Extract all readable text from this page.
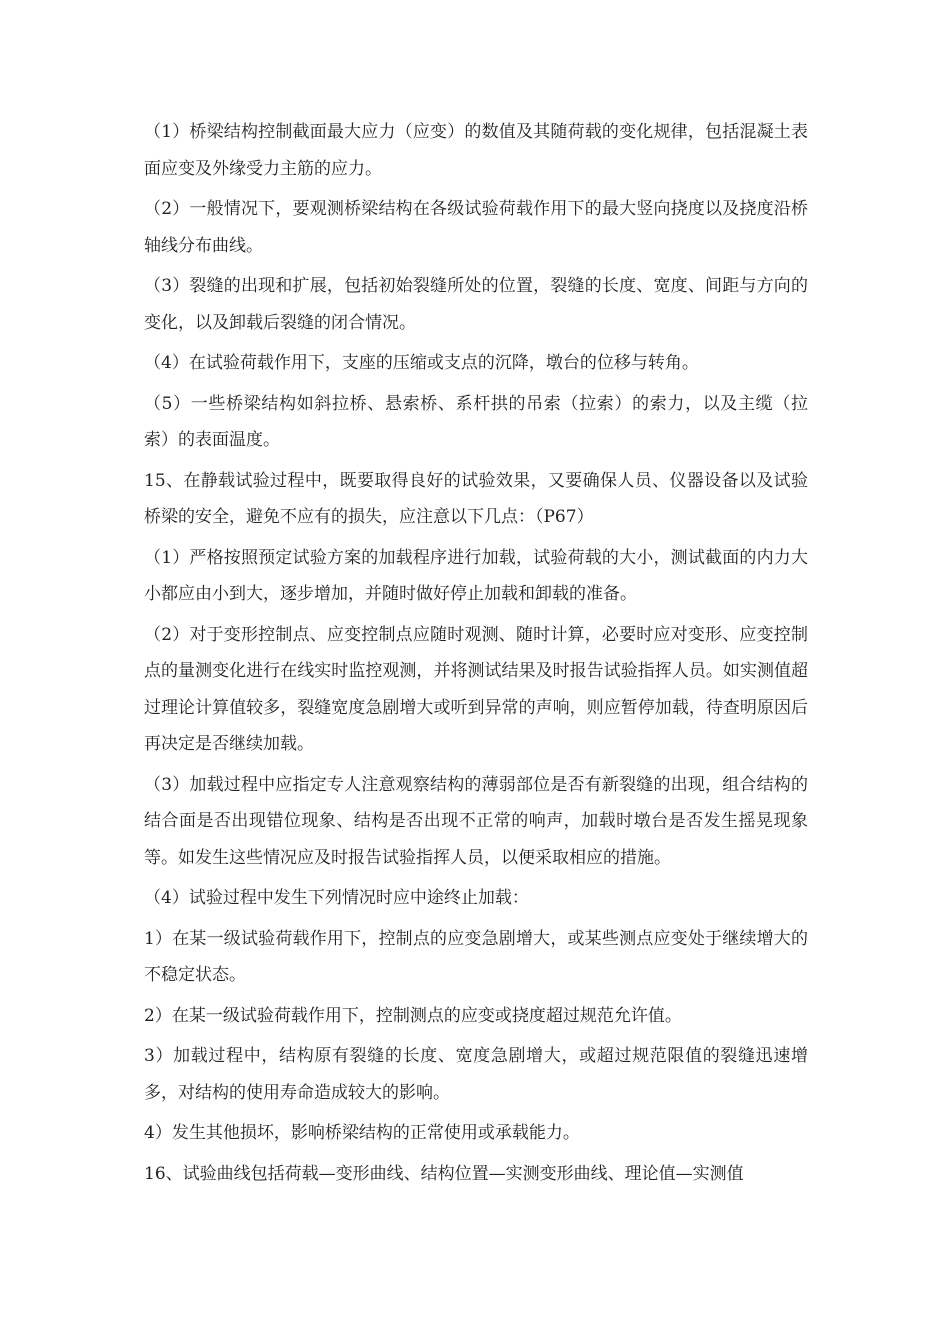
（1）桥梁结构控制截面最大应力（应变）的数值及其随荷载的变化规律，包括混凝土表面应变及外缘受力主筋的应力。

（2）一般情况下，要观测桥梁结构在各级试验荷载作用下的最大竖向挠度以及挠度沿桥轴线分布曲线。

（3）裂缝的出现和扩展，包括初始裂缝所处的位置，裂缝的长度、宽度、间距与方向的变化，以及卸载后裂缝的闭合情况。

（4）在试验荷载作用下，支座的压缩或支点的沉降，墩台的位移与转角。

（5）一些桥梁结构如斜拉桥、悬索桥、系杆拱的吊索（拉索）的索力，以及主缆（拉索）的表面温度。

15、在静载试验过程中，既要取得良好的试验效果，又要确保人员、仪器设备以及试验桥梁的安全，避免不应有的损失，应注意以下几点：（P67）

（1）严格按照预定试验方案的加载程序进行加载，试验荷载的大小，测试截面的内力大小都应由小到大，逐步增加，并随时做好停止加载和卸载的准备。

（2）对于变形控制点、应变控制点应随时观测、随时计算，必要时应对变形、应变控制点的量测变化进行在线实时监控观测，并将测试结果及时报告试验指挥人员。如实测值超过理论计算值较多，裂缝宽度急剧增大或听到异常的声响，则应暂停加载，待查明原因后再决定是否继续加载。

（3）加载过程中应指定专人注意观察结构的薄弱部位是否有新裂缝的出现，组合结构的结合面是否出现错位现象、结构是否出现不正常的响声，加载时墩台是否发生摇晃现象等。如发生这些情况应及时报告试验指挥人员，以便采取相应的措施。

（4）试验过程中发生下列情况时应中途终止加载：

1）在某一级试验荷载作用下，控制点的应变急剧增大，或某些测点应变处于继续增大的不稳定状态。

2）在某一级试验荷载作用下，控制测点的应变或挠度超过规范允许值。

3）加载过程中，结构原有裂缝的长度、宽度急剧增大，或超过规范限值的裂缝迅速增多，对结构的使用寿命造成较大的影响。

4）发生其他损坏，影响桥梁结构的正常使用或承载能力。

16、试验曲线包括荷载—变形曲线、结构位置—实测变形曲线、理论值—实测值
